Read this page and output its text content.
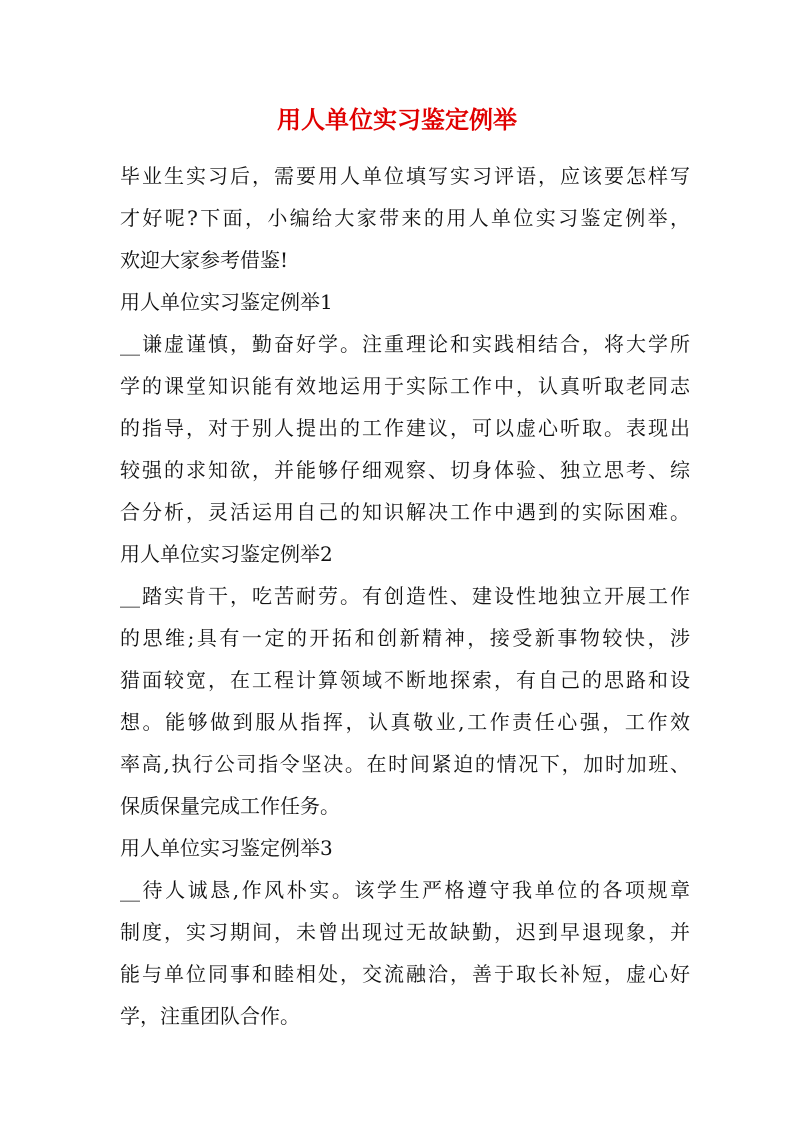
用人单位实习鉴定例举
毕业生实习后，需要用人单位填写实习评语，应该要怎样写
才好呢?下面，小编给大家带来的用人单位实习鉴定例举，
欢迎大家参考借鉴!
用人单位实习鉴定例举1
__谦虚谨慎，勤奋好学。注重理论和实践相结合，将大学所
学的课堂知识能有效地运用于实际工作中，认真听取老同志
的指导，对于别人提出的工作建议，可以虚心听取。表现出
较强的求知欲，并能够仔细观察、切身体验、独立思考、综
合分析，灵活运用自己的知识解决工作中遇到的实际困难。
用人单位实习鉴定例举2
__踏实肯干，吃苦耐劳。有创造性、建设性地独立开展工作
的思维;具有一定的开拓和创新精神，接受新事物较快，涉
猎面较宽，在工程计算领域不断地探索，有自己的思路和设
想。能够做到服从指挥，认真敬业,工作责任心强，工作效
率高,执行公司指令坚决。在时间紧迫的情况下，加时加班、
保质保量完成工作任务。
用人单位实习鉴定例举3
__待人诚恳,作风朴实。该学生严格遵守我单位的各项规章
制度，实习期间，未曾出现过无故缺勤，迟到早退现象，并
能与单位同事和睦相处，交流融洽，善于取长补短，虚心好
学，注重团队合作。
